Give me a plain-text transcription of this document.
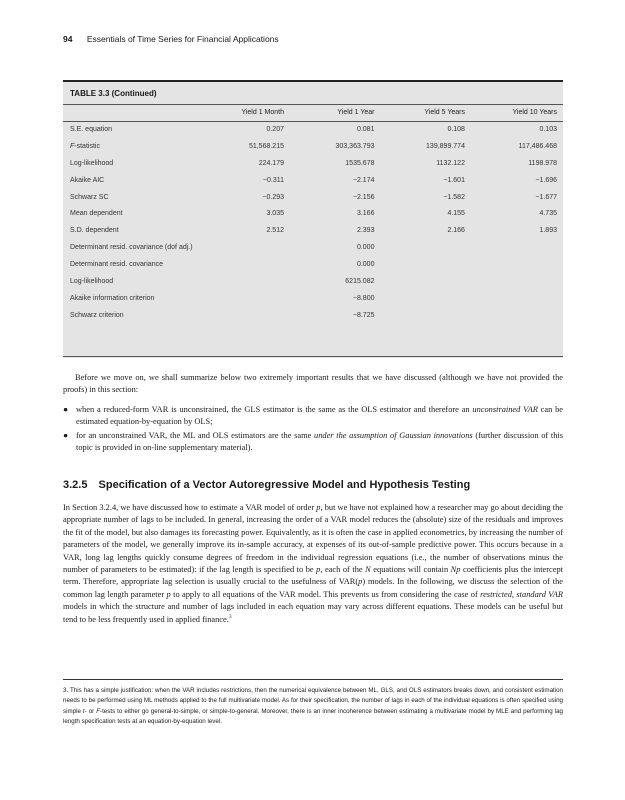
94 Essentials of Time Series for Financial Applications
TABLE 3.3 (Continued)
	Yield 1 Month	Yield 1 Year	Yield 5 Years	Yield 10 Years
S.E. equation	0.207	0.081	0.108	0.103
F-statistic	51,568.215	303,363.793	139,899.774	117,486.468
Log-likelihood	224.179	1535.678	1132.122	1198.978
Akaike AIC	−0.311	−2.174	−1.601	−1.696
Schwarz SC	−0.293	−2.156	−1.582	−1.677
Mean dependent	3.035	3.166	4.155	4.735
S.D. dependent	2.512	2.393	2.166	1.893
Determinant resid. covariance (dof adj.)		0.000		
Determinant resid. covariance		0.000		
Log-likelihood		6215.082		
Akaike information criterion		−8.800		
Schwarz criterion		−8.725		

Before we move on, we shall summarize below two extremely important results that we have discussed (although we have not provided the proofs) in this section:

● when a reduced-form VAR is unconstrained, the GLS estimator is the same as the OLS estimator and therefore an unconstrained VAR can be estimated equation-by-equation by OLS;
● for an unconstrained VAR, the ML and OLS estimators are the same under the assumption of Gaussian innovations (further discussion of this topic is provided in on-line supplementary material).
3.2.5 Specification of a Vector Autoregressive Model and Hypothesis Testing
In Section 3.2.4, we have discussed how to estimate a VAR model of order p, but we have not explained how a researcher may go about deciding the appropriate number of lags to be included. In general, increasing the order of a VAR model reduces the (absolute) size of the residuals and improves the fit of the model, but also damages its forecasting power. Equivalently, as it is often the case in applied econometrics, by increasing the number of parameters of the model, we generally improve its in-sample accuracy, at expenses of its out-of-sample predictive power. This occurs because in a VAR, long lag lengths quickly consume degrees of freedom in the individual regression equations (i.e., the number of observations minus the number of parameters to be estimated): if the lag length is specified to be p, each of the N equations will contain Np coefficients plus the intercept term. Therefore, appropriate lag selection is usually crucial to the usefulness of VAR(p) models. In the following, we discuss the selection of the common lag length parameter p to apply to all equations of the VAR model. This prevents us from considering the case of restricted, standard VAR models in which the structure and number of lags included in each equation may vary across different equations. These models can be useful but tend to be less frequently used in applied finance.$^3$
3. This has a simple justification: when the VAR includes restrictions, then the numerical equivalence between ML, GLS, and OLS estimators breaks down, and consistent estimation needs to be performed using ML methods applied to the full multivariate model. As for their specification, the number of lags in each of the individual equations is often specified using simple t- or F-tests to either go general-to-simple, or simple-to-general. Moreover, there is an inner incoherence between estimating a multivariate model by MLE and performing lag length specification tests at an equation-by-equation level.
